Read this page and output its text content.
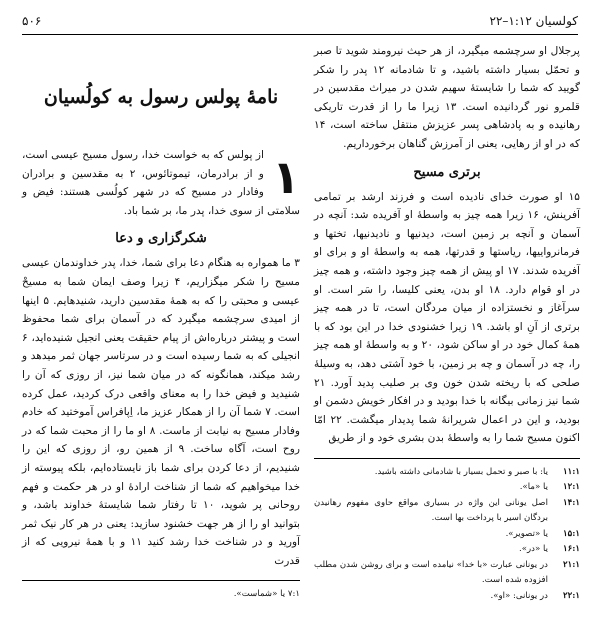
کولسیان ۱:۱۲–۲۲
۵۰۶

پرجلال او سرچشمه میگیرد، از هر حیث نیرومند شوید تا صبر و تحمّل بسیار داشته باشید، و تا شادمانه ۱۲ پدر را شکر گویید که شما را شایستهٔ سهیم شدن در میراث مقدسین در قلمرو نور گردانیده است. ۱۳ زیرا ما را از قدرت تاریکی رهانیده و به پادشاهی پسر عزیزش منتقل ساخته است، ۱۴ که در او از رهایی، یعنی از آمرزش گناهان برخورداریم.

برتری مسیح

۱۵ او صورت خدای نادیده است و فرزند ارشد بر تمامی آفرینش، ۱۶ زیرا همه چیز به واسطهٔ او آفریده شد: آنچه در آسمان و آنچه بر زمین است، دیدنیها و نادیدنیها، تختها و فرمانرواییها، ریاستها و قدرتها، همه به واسطهٔ او و برای او آفریده شدند. ۱۷ او پیش از همه چیز وجود داشته، و همه چیز در او قوام دارد. ۱۸ او بدن، یعنی کلیسا، را سَر است. او سرآغاز و نخستزاده از میان مردگان است، تا در همه چیز برتری از آنِ او باشد. ۱۹ زیرا خشنودی خدا در این بود که با همهٔ کمال خود در او ساکن شود، ۲۰ و به واسطهٔ او همه چیز را، چه در آسمان و چه بر زمین، با خود آشتی دهد، به وسیلهٔ صلحی که با ریخته شدن خون وی بر صلیب پدید آورد. ۲۱ شما نیز زمانی بیگانه با خدا بودید و در افکار خویش دشمن او بودید، و این در اعمال شریرانهٔ شما پدیدار میگشت. ۲۲ امّا اکنون مسیح شما را به واسطهٔ بدن بشری خود و از طریق

۱۱:۱
یا: با صبر و تحمل بسیار با شادمانی داشته باشید.
۱۲:۱
یا «ما».
۱۴:۱
اصل یونانی این واژه در بسیاری مواقع حاوی مفهوم رهانیدن بردگان اسیر با پرداخت بها است.
۱۵:۱
یا «تصویر».
۱۶:۱
یا «در».
۲۱:۱
در یونانی عبارت «با خدا» نیامده است و برای روشن شدن مطلب افزوده شده است.
۲۲:۱
در یونانی: «او».
نامهٔ پولس رسول به کولُسیان
۱

از پولس که به خواست خدا، رسول مسیح عیسی است، و از برادرمان، تیموتائوس، ۲ به مقدسین و برادران وفادار در مسیح که در شهر کولُسی هستند: فیض و سلامتی از سوی خدا، پدر ما، بر شما باد.

شکرگزاری و دعا

۳ ما همواره به هنگام دعا برای شما، خدا، پدر خداوندمان عیسی مسیح را شکر میگزاریم، ۴ زیرا وصف ایمان شما به مسیحْ عیسی و محبتی را که به همهٔ مقدسین دارید، شنیدهایم. ۵ اینها از امیدی سرچشمه میگیرد که در آسمان برای شما محفوظ است و پیشتر درباره‌اش از پیام حقیقت یعنی انجیل شنیده‌اید، ۶ انجیلی که به شما رسیده است و در سرتاسر جهان ثمر میدهد و رشد میکند، همانگونه که در میان شما نیز، از روزی که آن را شنیدید و فیض خدا را به معنای واقعی درک کردید، عمل کرده است. ۷ شما آن را از همکار عزیز ما، اِپافراس آموختید که خادم وفادار مسیح به نیابت از ماست. ۸ او ما را از محبت شما که در روح است، آگاه ساخت. ۹ از همین رو، از روزی که این را شنیدیم، از دعا کردن برای شما باز نایستاده‌ایم، بلکه پیوسته از خدا میخواهیم که شما از شناخت ارادهٔ او در هر حکمت و فهم روحانی پر شوید، ۱۰ تا رفتار شما شایستهٔ خداوند باشد، و بتوانید او را از هر جهت خشنود سازید: یعنی در هر کار نیک ثمر آورید و در شناخت خدا رشد کنید ۱۱ و با همهٔ نیرویی که از قدرت

۷:۱ یا «شماست».
